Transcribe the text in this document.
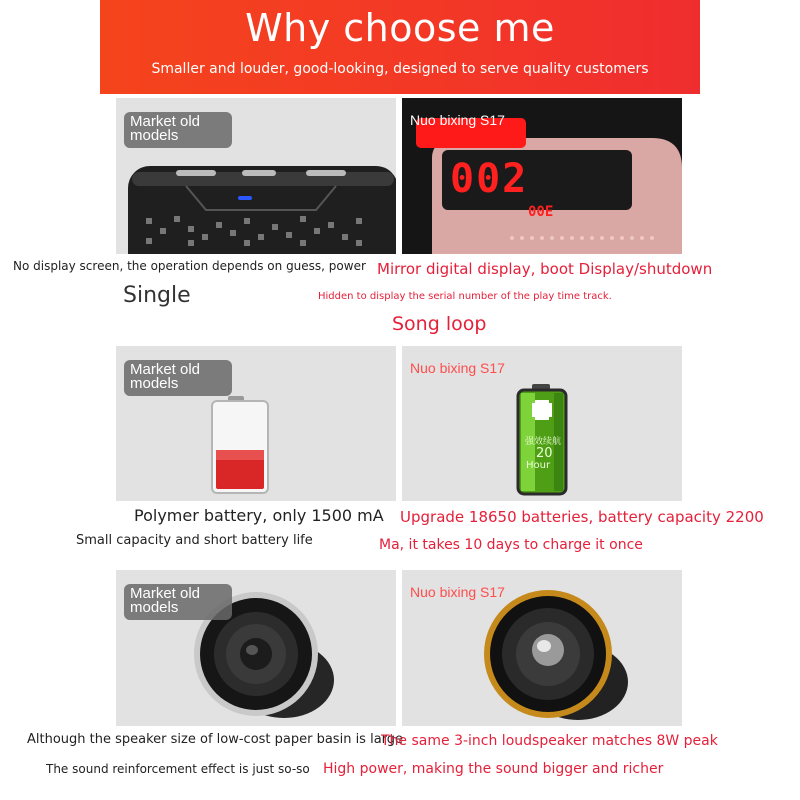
Why choose me
Smaller and louder, good-looking, designed to serve quality customers
Market old models
Nuo bixing S17
002
00E
No display screen, the operation depends on guess, power
Single
Mirror digital display, boot Display/shutdown
Hidden to display the serial number of the play time track.
Song loop
Market old models
Nuo bixing S17
强效续航
20
Hour
Polymer battery, only 1500 mA
Small capacity and short battery life
Upgrade 18650 batteries, battery capacity 2200
Ma, it takes 10 days to charge it once
Market old models
Nuo bixing S17
Although the speaker size of low-cost paper basin is large
The sound reinforcement effect is just so-so
The same 3-inch loudspeaker matches 8W peak
High power, making the sound bigger and richer
